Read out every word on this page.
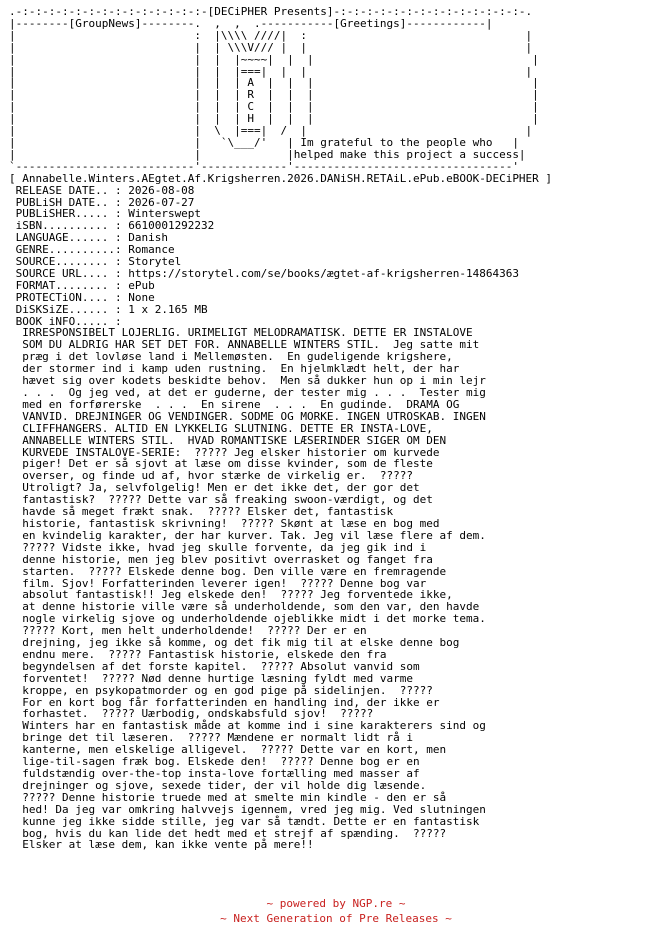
.-:-:-:-:-:-:-:-:-:-:-:-:-:-:-[DECiPHER Presents]-:-:-:-:-:-:-:-:-:-:-:-:-:-:-.
|--------[GroupNews]--------.  ,  ,  .-----------[Greetings]------------|
|                           :  |\\\\ ////|  :                                 |
|                           |  | \\\V/// |  |                                 |
|                           |  |  |~~~~|  |  |                                 |
|                           |  |  |===|  |  |                                 |
|                           |  |  | A  |  |  |                                 |
|                           |  |  | R  |  |  |                                 |
|                           |  |  | C  |  |  |                                 |
|                           |  |  | H  |  |  |                                 |
|                           |  \  |===|  /  |                                 |
|                           |   `\___/'   | Im grateful to the people who   |
|                           |             |helped make this project a success|
`---------------------------'-------------'---------------------------------'
[ Annabelle.Winters.AEgtet.Af.Krigsherren.2026.DANiSH.RETAiL.ePub.eBOOK-DECiPHER ]
RELEASE DATE.. : 2026-08-08
PUBLiSH DATE.. : 2026-07-27
PUBLiSHER..... : Winterswept
iSBN.......... : 6610001292232
LANGUAGE...... : Danish
GENRE..........: Romance
SOURCE........ : Storytel
SOURCE URL.... : https://storytel.com/se/books/ægtet-af-krigsherren-14864363
FORMAT........ : ePub
PROTECTiON.... : None
DiSKSiZE...... : 1 x 2.165 MB
BOOK iNFO..... :
IRRESPONSIBELT LOJERLIG. URIMELIGT MELODRAMATISK. DETTE ER INSTALOVE
SOM DU ALDRIG HAR SET DET FOR. ANNABELLE WINTERS STIL.  Jeg satte mit
præg i det lovløse land i Mellemøsten.  En gudeligende krigshere,
der stormer ind i kamp uden rustning.  En hjelmklædt helt, der har
hævet sig over kodets beskidte behov.  Men så dukker hun op i min lejr
. . .  Og jeg ved, at det er guderne, der tester mig . . .  Tester mig
med en forførerske  . . .  En sirene  . . .  En gudinde.  DRAMA OG
VANVID. DREJNINGER OG VENDINGER. SODME OG MORKE. INGEN UTROSKAB. INGEN
CLIFFHANGERS. ALTID EN LYKKELIG SLUTNING. DETTE ER INSTA-LOVE,
ANNABELLE WINTERS STIL.  HVAD ROMANTISKE LÆSERINDER SIGER OM DEN
KURVEDE INSTALOVE-SERIE:  ????? Jeg elsker historier om kurvede
piger! Det er så sjovt at læse om disse kvinder, som de fleste
overser, og finde ud af, hvor stærke de virkelig er.  ?????
Utroligt? Ja, selvfolgelig! Men er det ikke det, der gor det
fantastisk?  ????? Dette var så freaking swoon-værdigt, og det
havde så meget frækt snak.  ????? Elsker det, fantastisk
historie, fantastisk skrivning!  ????? Skønt at læse en bog med
en kvindelig karakter, der har kurver. Tak. Jeg vil læse flere af dem.
????? Vidste ikke, hvad jeg skulle forvente, da jeg gik ind i
denne historie, men jeg blev positivt overrasket og fanget fra
starten.  ????? Elskede denne bog. Den ville være en fremragende
film. Sjov! Forfatterinden leverer igen!  ????? Denne bog var
absolut fantastisk!! Jeg elskede den!  ????? Jeg forventede ikke,
at denne historie ville være så underholdende, som den var, den havde
nogle virkelig sjove og underholdende ojeblikke midt i det morke tema.
????? Kort, men helt underholdende!  ????? Der er en
drejning, jeg ikke så komme, og det fik mig til at elske denne bog
endnu mere.  ????? Fantastisk historie, elskede den fra
begyndelsen af det forste kapitel.  ????? Absolut vanvid som
forventet!  ????? Nød denne hurtige læsning fyldt med varme
kroppe, en psykopatmorder og en god pige på sidelinjen.  ?????
For en kort bog får forfatterinden en handling ind, der ikke er
forhastet.  ????? Uærbodig, ondskabsfuld sjov!  ?????
Winters har en fantastisk måde at komme ind i sine karakterers sind og
bringe det til læseren.  ????? Mændene er normalt lidt rå i
kanterne, men elskelige alligevel.  ????? Dette var en kort, men
lige-til-sagen fræk bog. Elskede den!  ????? Denne bog er en
fuldstændig over-the-top insta-love fortælling med masser af
drejninger og sjove, sexede tider, der vil holde dig læsende.
????? Denne historie truede med at smelte min kindle - den er så
hed! Da jeg var omkring halvvejs igennem, vred jeg mig. Ved slutningen
kunne jeg ikke sidde stille, jeg var så tændt. Dette er en fantastisk
bog, hvis du kan lide det hedt med et strejf af spænding.  ?????
Elsker at læse dem, kan ikke vente på mere!!

~ powered by NGP.re ~
~ Next Generation of Pre Releases ~
